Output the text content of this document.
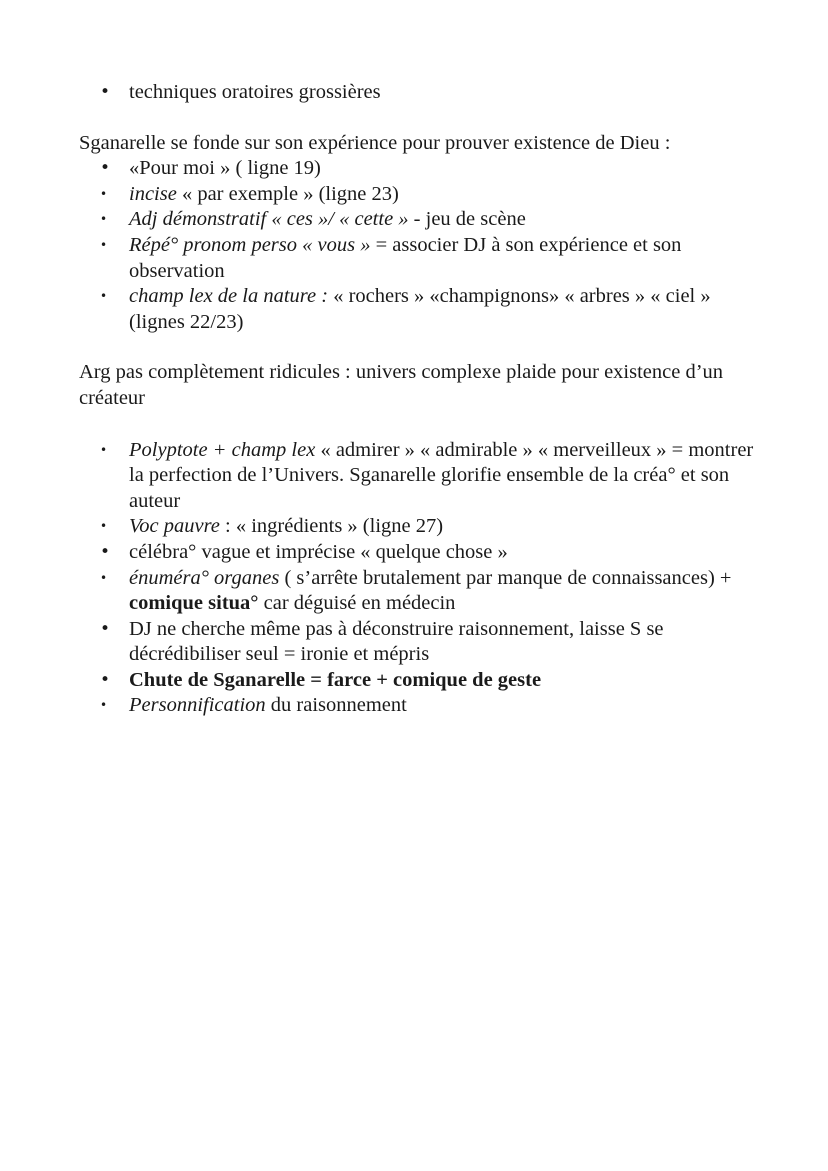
• techniques oratoires grossières

Sganarelle se fonde sur son expérience pour prouver existence de Dieu :

• «Pour moi » ( ligne 19)
•	incise « par exemple » (ligne 23)
•	Adj démonstratif « ces »/ « cette » - jeu de scène
•	Répé° pronom perso « vous » = associer DJ à son expérience et son observation
•	champ lex de la nature : « rochers » «champignons» « arbres » « ciel » (lignes 22/23)

Arg pas complètement ridicules : univers complexe plaide pour existence d’un créateur

•	Polyptote + champ lex « admirer » « admirable » « merveilleux » = montrer la perfection de l’Univers. Sganarelle glorifie ensemble de la créa° et son auteur
•	Voc pauvre : « ingrédients » (ligne 27)
• célébra° vague et imprécise « quelque chose »
•	énuméra° organes ( s’arrête brutalement par manque de connaissances) + comique situa° car déguisé en médecin
• DJ ne cherche même pas à déconstruire raisonnement, laisse S se décrédibiliser seul = ironie et mépris
• Chute de Sganarelle = farce + comique de geste
•	Personnification du raisonnement
